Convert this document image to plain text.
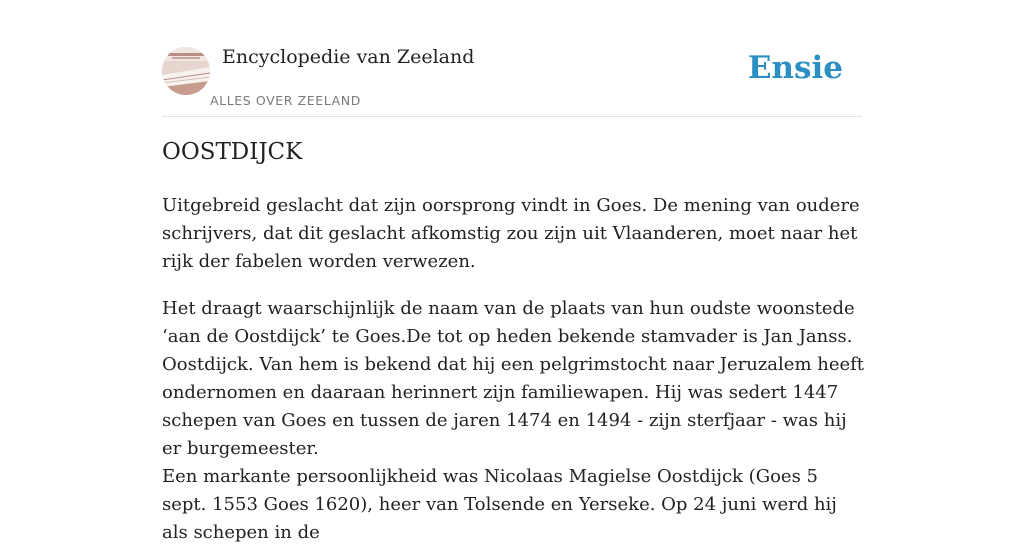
Encyclopedie van Zeeland
ALLES OVER ZEELAND
Ensie
OOSTDIJCK

Uitgebreid geslacht dat zijn oorsprong vindt in Goes. De mening van oudere schrijvers, dat dit geslacht afkomstig zou zijn uit Vlaanderen, moet naar het rijk der fabelen worden verwezen.

Het draagt waarschijnlijk de naam van de plaats van hun oudste woonstede ‘aan de Oostdijck’ te Goes.De tot op heden bekende stamvader is Jan Janss. Oostdijck. Van hem is bekend dat hij een pelgrimstocht naar Jeruzalem heeft ondernomen en daaraan herinnert zijn familiewapen. Hij was sedert 1447 schepen van Goes en tussen de jaren 1474 en 1494 - zijn sterfjaar - was hij er burgemeester.

Een markante persoonlijkheid was Nicolaas Magielse Oostdijck (Goes 5 sept. 1553 Goes 1620), heer van Tolsende en Yerseke. Op 24 juni werd hij als schepen in de
